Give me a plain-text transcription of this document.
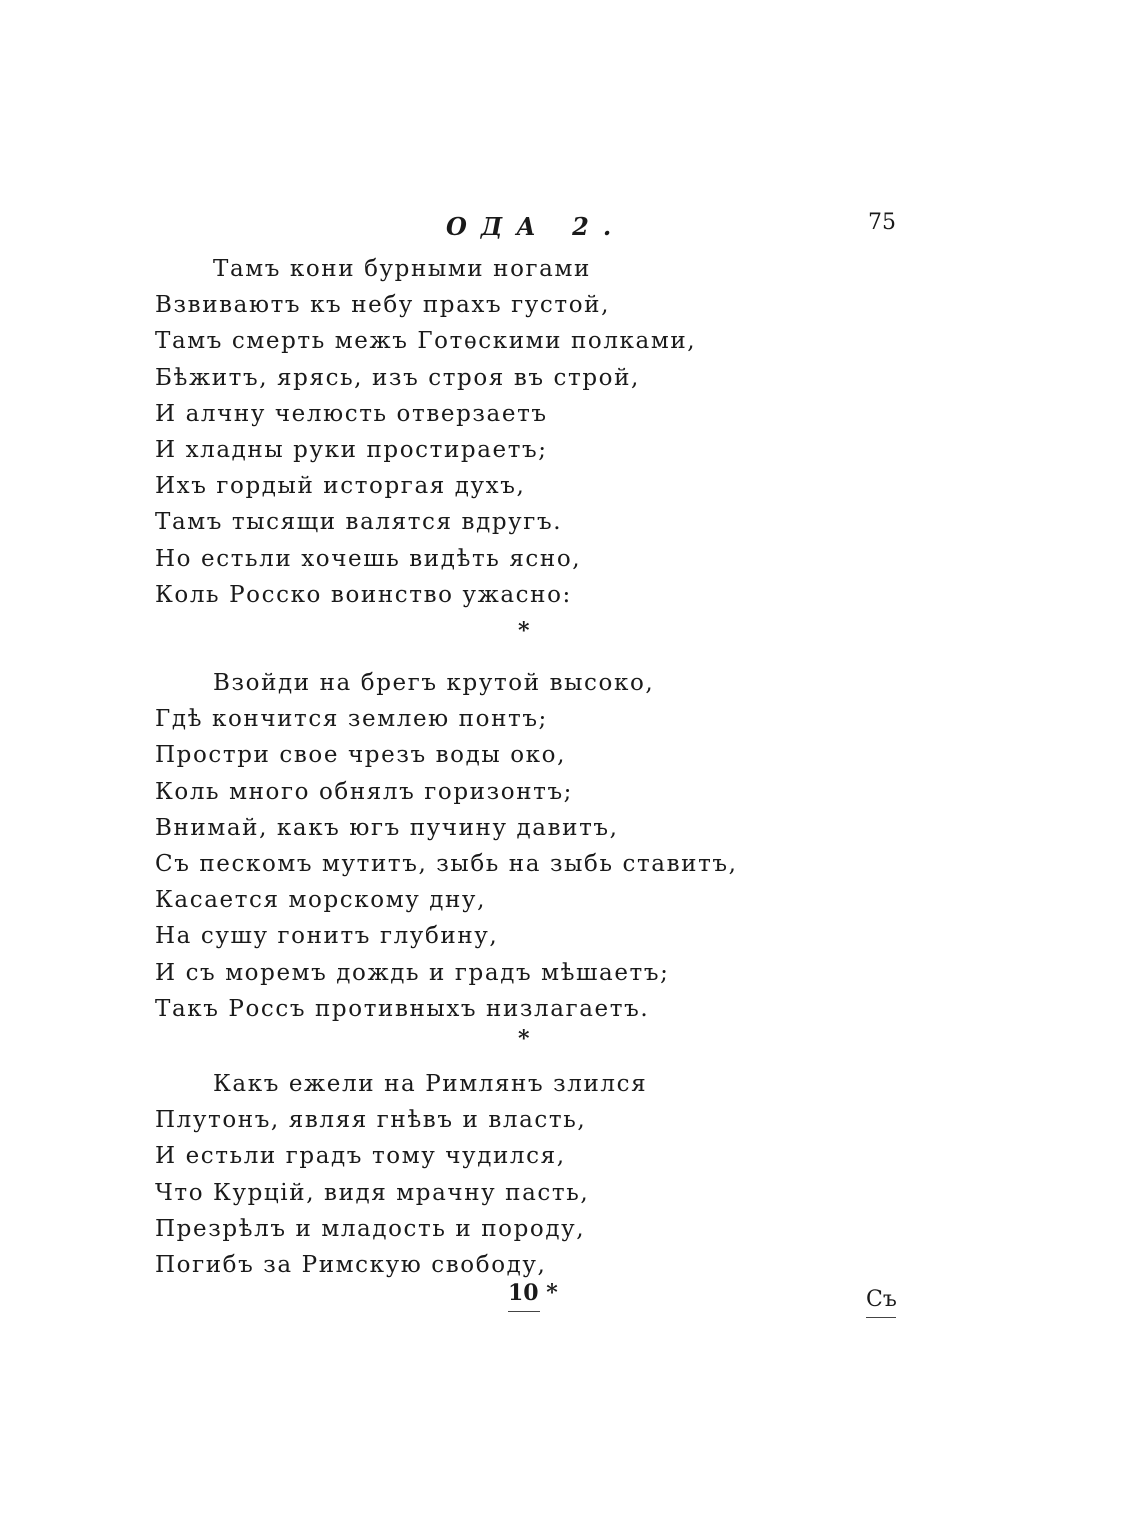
ОДА 2.	75
Тамъ кони бурными ногами
Взвиваютъ къ небу прахъ густой,
Тамъ смерть межъ Готѳскими полками,
Бѣжитъ, ярясь, изъ строя въ строй,
И алчну челюсть отверзаетъ
И хладны руки простираетъ;
Ихъ гордый исторгая духъ,
Тамъ тысящи валятся вдругъ.
Но естьли хочешь видѣть ясно,
Коль Росско воинство ужасно:
*
Взойди на брегъ крутой высоко,
Гдѣ кончится землею понтъ;
Простри свое чрезъ воды око,
Коль много обнялъ горизонтъ;
Внимай, какъ югъ пучину давитъ,
Съ пескомъ мутитъ, зыбь на зыбь ставитъ,
Касается морскому дну,
На сушу гонитъ глубину,
И съ моремъ дождь и градъ мѣшаетъ;
Такъ Россъ противныхъ низлагаетъ.
*
Какъ ежели на Римлянъ злился
Плутонъ, являя гнѣвъ и власть,
И естьли градъ тому чудился,
Что Курцій, видя мрачну пасть,
Презрѣлъ и младость и породу,
Погибъ за Римскую свободу,
10 *	Съ
